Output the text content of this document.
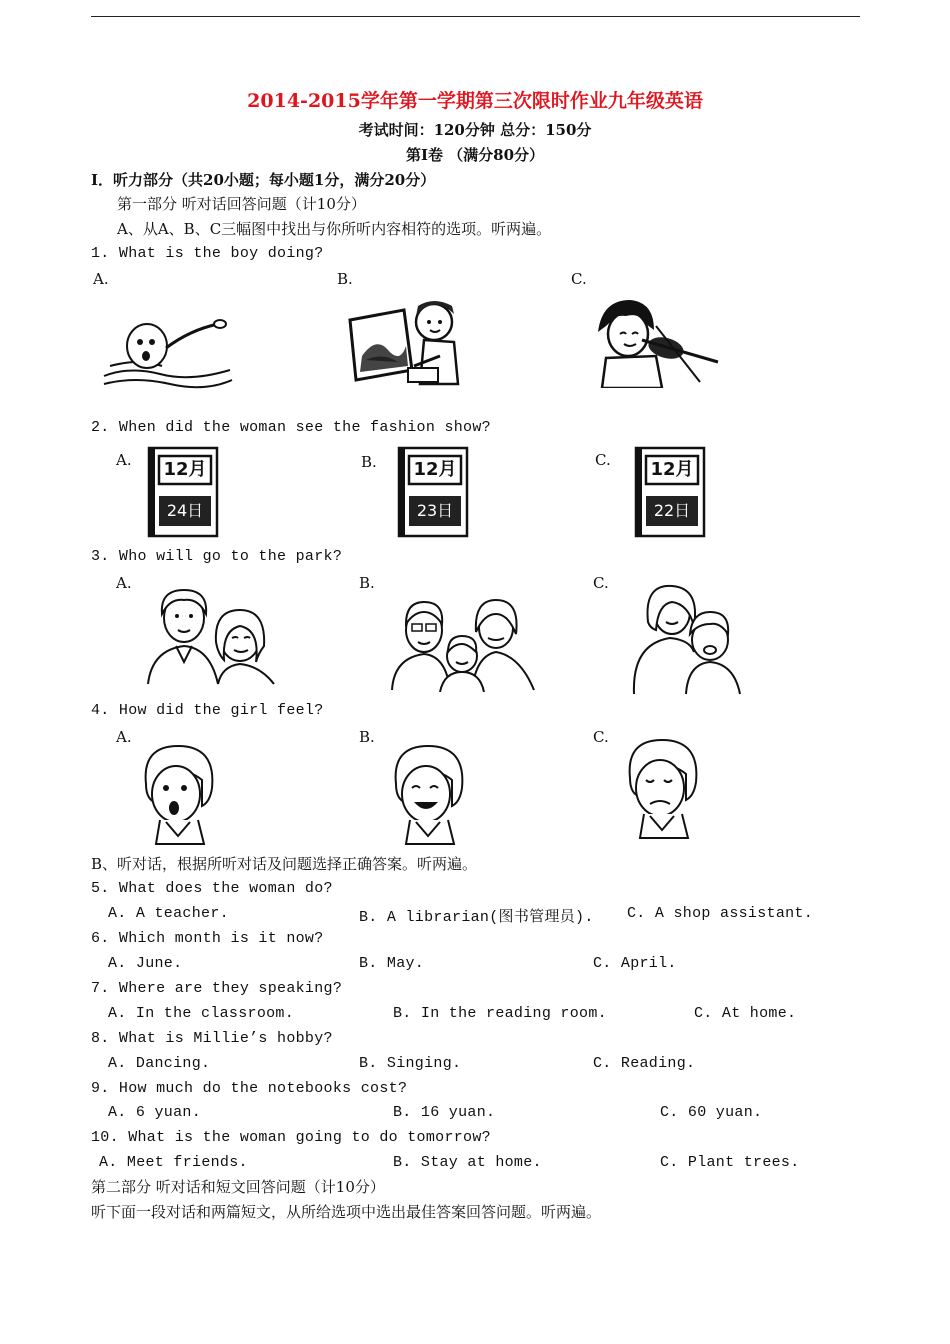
2014-2015学年第一学期第三次限时作业九年级英语
考试时间：120分钟 总分：150分
第Ⅰ卷 （满分80分）
I．听力部分（共20小题；每小题1分，满分20分）
第一部分 听对话回答问题（计10分）
A、从A、B、C三幅图中找出与你所听内容相符的选项。听两遍。
1. What is the boy doing?
A.	B.	C.
2. When did the woman see the fashion show?
A.	B.	C.
12月
24日
12月
23日
12月
22日
3. Who will go to the park?
A.	B.	C.
4. How did the girl feel?
A.	B.	C.
B、听对话，根据所听对话及问题选择正确答案。听两遍。
5. What does the woman do?
A. A teacher.	B. A librarian(图书管理员). C. A shop assistant.
6. Which month is it now?
A. June.	B. May.	C. April.
7. Where are they speaking?
A. In the classroom.	B. In the reading room.	C. At home.
8. What is Millie’s hobby?
A. Dancing.	B. Singing.	C. Reading.
9. How much do the notebooks cost?
A. 6 yuan.	B. 16 yuan.	C. 60 yuan.
10. What is the woman going to do tomorrow?
A. Meet friends.	B. Stay at home.	C. Plant trees.
第二部分 听对话和短文回答问题（计10分）
听下面一段对话和两篇短文，从所给选项中选出最佳答案回答问题。听两遍。
